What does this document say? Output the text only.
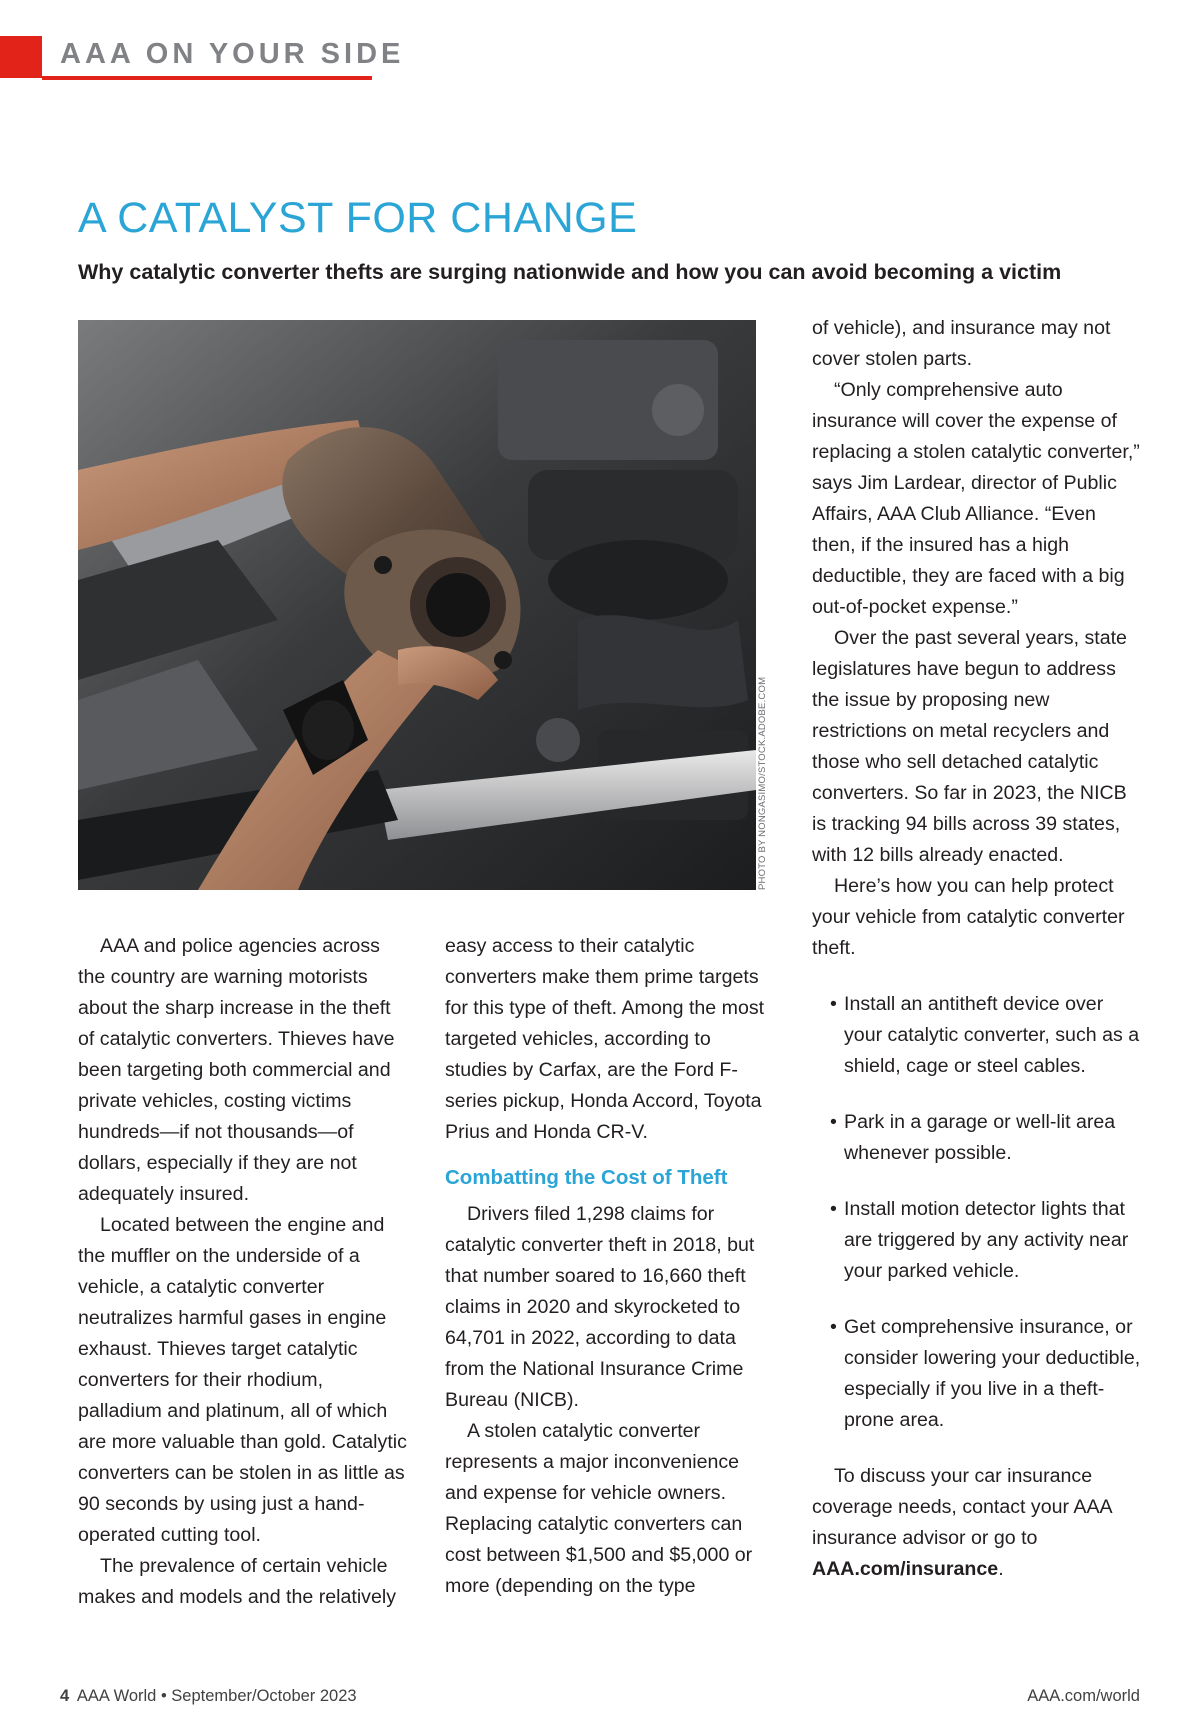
AAA ON YOUR SIDE
A CATALYST FOR CHANGE
Why catalytic converter thefts are surging nationwide and how you can avoid becoming a victim
PHOTO BY NONGASIMO/STOCK.ADOBE.COM

AAA and police agencies across the country are warning motorists about the sharp increase in the theft of catalytic converters. Thieves have been targeting both commercial and private vehicles, costing victims hundreds—if not thousands—of dollars, especially if they are not adequately insured.

Located between the engine and the muffler on the underside of a vehicle, a catalytic converter neutralizes harmful gases in engine exhaust. Thieves target catalytic converters for their rhodium, palladium and platinum, all of which are more valuable than gold. Catalytic converters can be stolen in as little as 90 seconds by using just a hand-operated cutting tool.

The prevalence of certain vehicle makes and models and the relatively

easy access to their catalytic converters make them prime targets for this type of theft. Among the most targeted vehicles, according to studies by Carfax, are the Ford F-series pickup, Honda Accord, Toyota Prius and Honda CR-V.

Combatting the Cost of Theft

Drivers filed 1,298 claims for catalytic converter theft in 2018, but that number soared to 16,660 theft claims in 2020 and skyrocketed to 64,701 in 2022, according to data from the National Insurance Crime Bureau (NICB).

A stolen catalytic converter represents a major inconvenience and expense for vehicle owners. Replacing catalytic converters can cost between $1,500 and $5,000 or more (depending on the type

of vehicle), and insurance may not cover stolen parts.

“Only comprehensive auto insurance will cover the expense of replacing a stolen catalytic converter,” says Jim Lardear, director of Public Affairs, AAA Club Alliance. “Even then, if the insured has a high deductible, they are faced with a big out-of-pocket expense.”

Over the past several years, state legislatures have begun to address the issue by proposing new restrictions on metal recyclers and those who sell detached catalytic converters. So far in 2023, the NICB is tracking 94 bills across 39 states, with 12 bills already enacted.

Here’s how you can help protect your vehicle from catalytic converter theft.

• Install an antitheft device over your catalytic converter, such as a shield, cage or steel cables.
• Park in a garage or well-lit area whenever possible.
• Install motion detector lights that are triggered by any activity near your parked vehicle.
• Get comprehensive insurance, or consider lowering your deductible, especially if you live in a theft-prone area.

To discuss your car insurance coverage needs, contact your AAA insurance advisor or go to AAA.com/insurance.

4 AAA World • September/October 2023	AAA.com/world
